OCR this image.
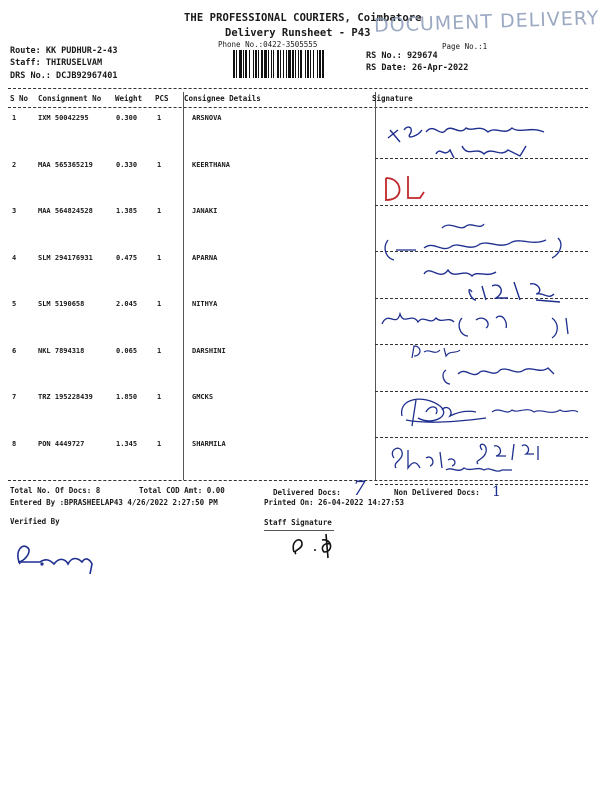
THE PROFESSIONAL COURIERS, Coimbatore
Delivery Runsheet - P43
Phone No.:0422-3505555
DOCUMENT DELIVERY
Page No.:1
Route: KK PUDHUR-2-43
Staff: THIRUSELVAM
DRS No.: DCJB92967401
RS No.: 929674
RS Date: 26-Apr-2022
S No Consignment No Weight PCS Consignee Details	Signature
1	IXM 50042295	0.300	1	ARSNOVA
2	MAA 565365219	0.330	1	KEERTHANA
3	MAA 564824528	1.385	1	JANAKI
4	SLM 294176931	0.475	1	APARNA
5	SLM 5190658	2.045	1	NITHYA
6	NKL 7894318	0.065	1	DARSHINI
7	TRZ 195228439	1.850	1	GMCKS
8	PON 4449727	1.345	1	SHARMILA
Total No. Of Docs: 8	Total COD Amt: 0.00	Delivered Docs: 7	Non Delivered Docs: 1
Entered By :BPRASHEELAP43 4/26/2022 2:27:50 PM	Printed On: 26-04-2022 14:27:53
Verified By	Staff Signature
